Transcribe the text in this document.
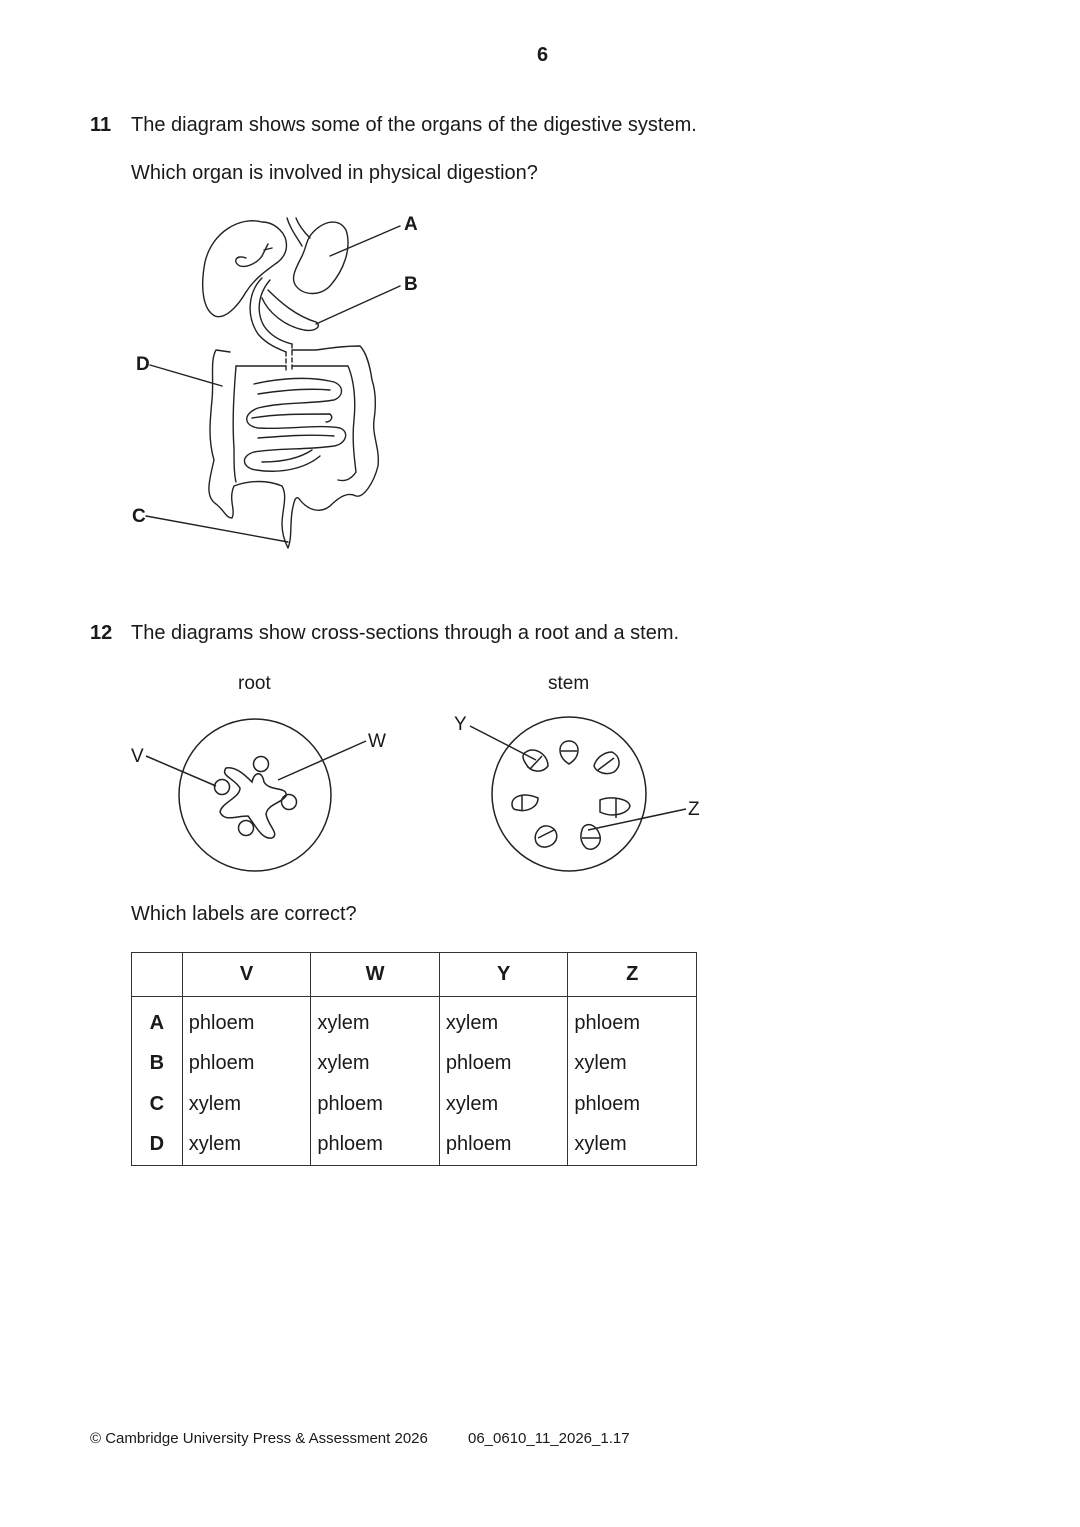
6
11 The diagram shows some of the organs of the digestive system.
Which organ is involved in physical digestion?
A
B
D
C
12 The diagrams show cross-sections through a root and a stem.
root	stem
V
W
Y
Z
Which labels are correct?
	V	W	Y	Z
A	phloem	xylem	xylem	phloem
B	phloem	xylem	phloem	xylem
C	xylem	phloem	xylem	phloem
D	xylem	phloem	phloem	xylem
© Cambridge University Press & Assessment 2026	06_0610_11_2026_1.17
